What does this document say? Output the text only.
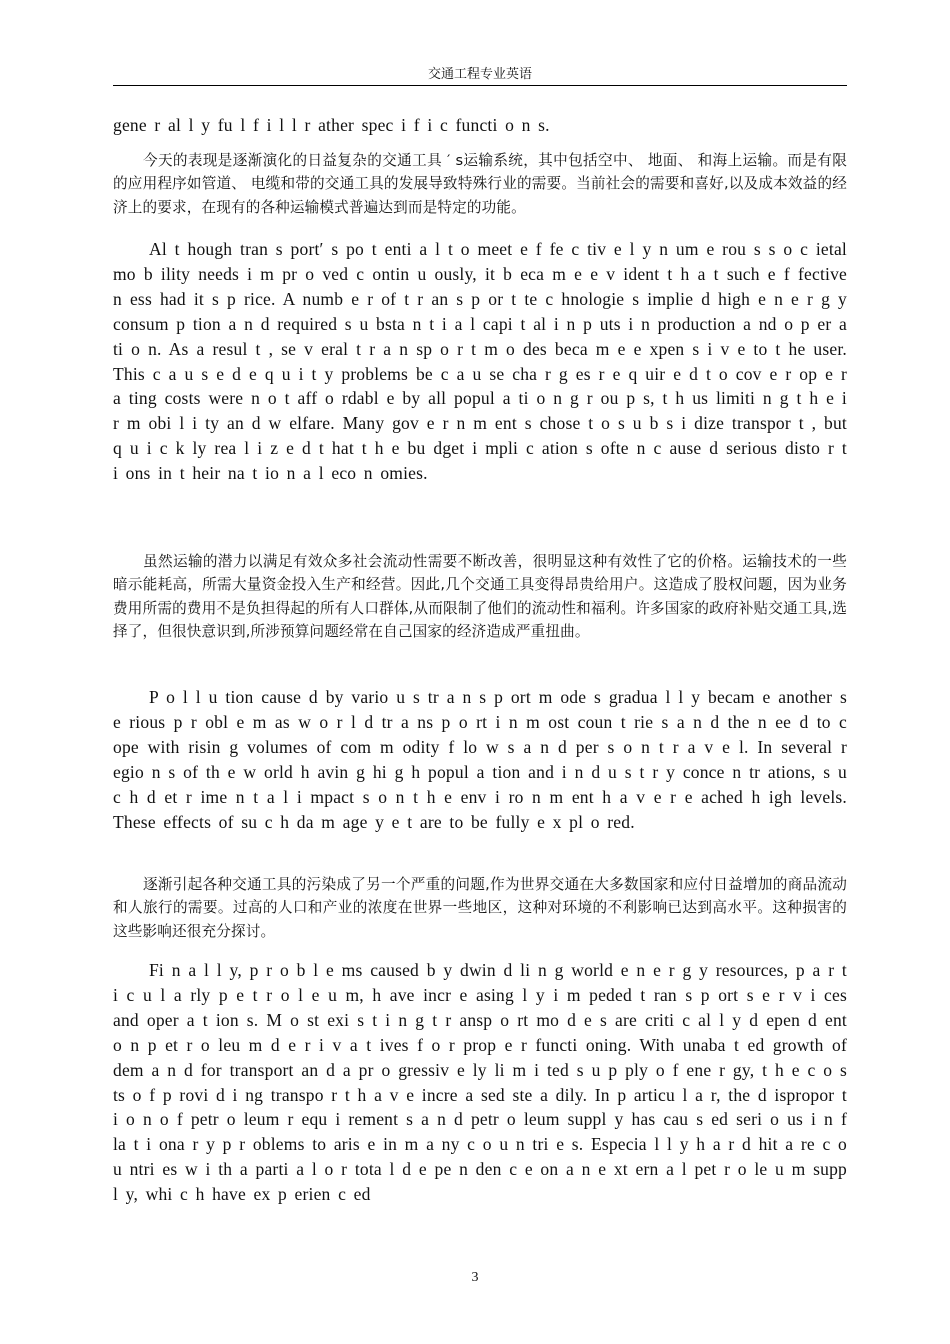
交通工程专业英语

gene r al l y fu l f i l l r ather spec i f i c functi o n s.

今天的表现是逐渐演化的日益复杂的交通工具 ′ s运输系统，其中包括空中、 地面、 和海上运输。而是有限的应用程序如管道、 电缆和带的交通工具的发展导致特殊行业的需要。当前社会的需要和喜好,以及成本效益的经济上的要求，在现有的各种运输模式普遍达到而是特定的功能。

Al t hough tran s port′ s po t enti a l t o meet e f fe c tiv e l y n um e rou s s o c ietal mo b ility needs i m pr o ved c ontin u ously, it b eca m e e v ident t h a t such e f fective n ess had it s p rice. A numb e r of t r an s p or t te c hnologie s implie d high e n e r g y consum p tion a n d required s u bsta n t i a l capi t al i n p uts i n production a nd o p er a ti o n. As a resul t , se v eral t r a n sp o r t m o des beca m e e xpen s i v e to t he user. This c a u s e d e q u i t y problems be c a u se cha r g es r e q uir e d t o cov e r op e r a ting costs were n o t aff o rdabl e by all popul a ti o n g r ou p s, t h us limiti n g t h e i r m obi l i ty an d w elfare. Many gov e r n m ent s chose t o s u b s i dize transpor t , but q u i c k ly rea l i z e d t hat t h e bu dget i mpli c ation s ofte n c ause d serious disto r t i ons in t heir na t io n a l eco n omies.

虽然运输的潜力以满足有效众多社会流动性需要不断改善，很明显这种有效性了它的价格。运输技术的一些暗示能耗高，所需大量资金投入生产和经营。因此,几个交通工具变得昂贵给用户。这造成了股权问题，因为业务费用所需的费用不是负担得起的所有人口群体,从而限制了他们的流动性和福利。许多国家的政府补贴交通工具,选择了，但很快意识到,所涉预算问题经常在自己国家的经济造成严重扭曲。

P o l l u tion cause d by vario u s tr a n s p ort m ode s gradua l l y becam e another s e rious p r obl e m as w o r l d tr a ns p o rt i n m ost coun t rie s a n d the n ee d to c ope with risin g volumes of com m odity f lo w s a n d per s o n t r a v e l. In several r egio n s of th e w orld h avin g hi g h popul a tion and i n d u s t r y conce n tr ations, s u c h d et r ime n t a l i mpact s o n t h e env i ro n m ent h a v e r e ached h igh levels. These effects of su c h da m age y e t are to be fully e x pl o red.

逐渐引起各种交通工具的污染成了另一个严重的问题,作为世界交通在大多数国家和应付日益增加的商品流动和人旅行的需要。过高的人口和产业的浓度在世界一些地区，这种对环境的不利影响已达到高水平。这种损害的这些影响还很充分探讨。

Fi n a l l y, p r o b l e ms caused b y dwin d li n g world e n e r g y resources, p a r t i c u l a rly p e t r o l e u m, h ave incr e asing l y i m peded t ran s p ort s e r v i ces and oper a t ion s. M o st exi s t i n g t r ansp o rt mo d e s are criti c al l y d epen d ent o n p et r o leu m d e r i v a t ives f o r prop e r functi oning. With unaba t ed growth of dem a n d for transport an d a pr o gressiv e ly li m i ted s u p ply o f ene r gy, t h e c o s ts o f p rovi d i ng transpo r t h a v e incre a sed ste a dily. In p articu l a r, the d ispropor t i o n o f petr o leum r equ i rement s a n d petr o leum suppl y has cau s ed seri o us i n f la t i ona r y p r oblems to aris e in m a ny c o u n tri e s. Especia l l y h a r d hit a re c o u ntri es w i th a parti a l o r tota l d e pe n den c e on a n e xt ern a l pet r o le u m supp l y, whi c h have ex p erien c ed

3
